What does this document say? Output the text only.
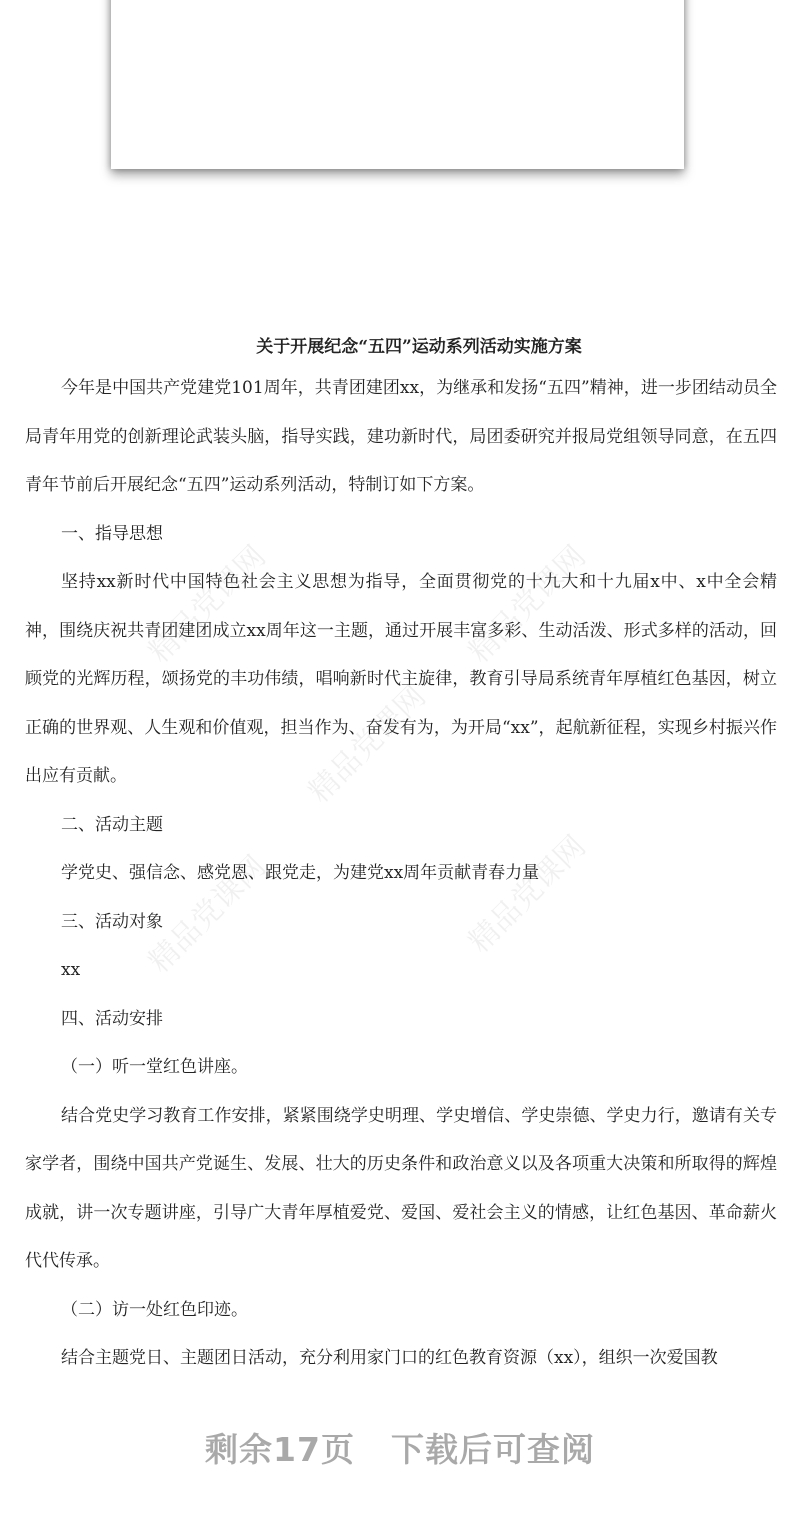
精品党课网	精品党课网
精品党课网
精品党课网	精品党课网

关于开展纪念“五四”运动系列活动实施方案

今年是中国共产党建党101周年，共青团建团xx，为继承和发扬“五四”精神，进一步团结动员全局青年用党的创新理论武装头脑，指导实践，建功新时代，局团委研究并报局党组领导同意，在五四青年节前后开展纪念“五四”运动系列活动，特制订如下方案。

一、指导思想

坚持xx新时代中国特色社会主义思想为指导，全面贯彻党的十九大和十九届x中、x中全会精神，围绕庆祝共青团建团成立xx周年这一主题，通过开展丰富多彩、生动活泼、形式多样的活动，回顾党的光辉历程，颂扬党的丰功伟绩，唱响新时代主旋律，教育引导局系统青年厚植红色基因，树立正确的世界观、人生观和价值观，担当作为、奋发有为，为开局“xx”，起航新征程，实现乡村振兴作出应有贡献。

二、活动主题

学党史、强信念、感党恩、跟党走，为建党xx周年贡献青春力量

三、活动对象

xx

四、活动安排

（一）听一堂红色讲座。

结合党史学习教育工作安排，紧紧围绕学史明理、学史增信、学史崇德、学史力行，邀请有关专家学者，围绕中国共产党诞生、发展、壮大的历史条件和政治意义以及各项重大决策和所取得的辉煌成就，讲一次专题讲座，引导广大青年厚植爱党、爱国、爱社会主义的情感，让红色基因、革命薪火代代传承。

（二）访一处红色印迹。

结合主题党日、主题团日活动，充分利用家门口的红色教育资源（xx），组织一次爱国教

剩余17页 下载后可查阅
